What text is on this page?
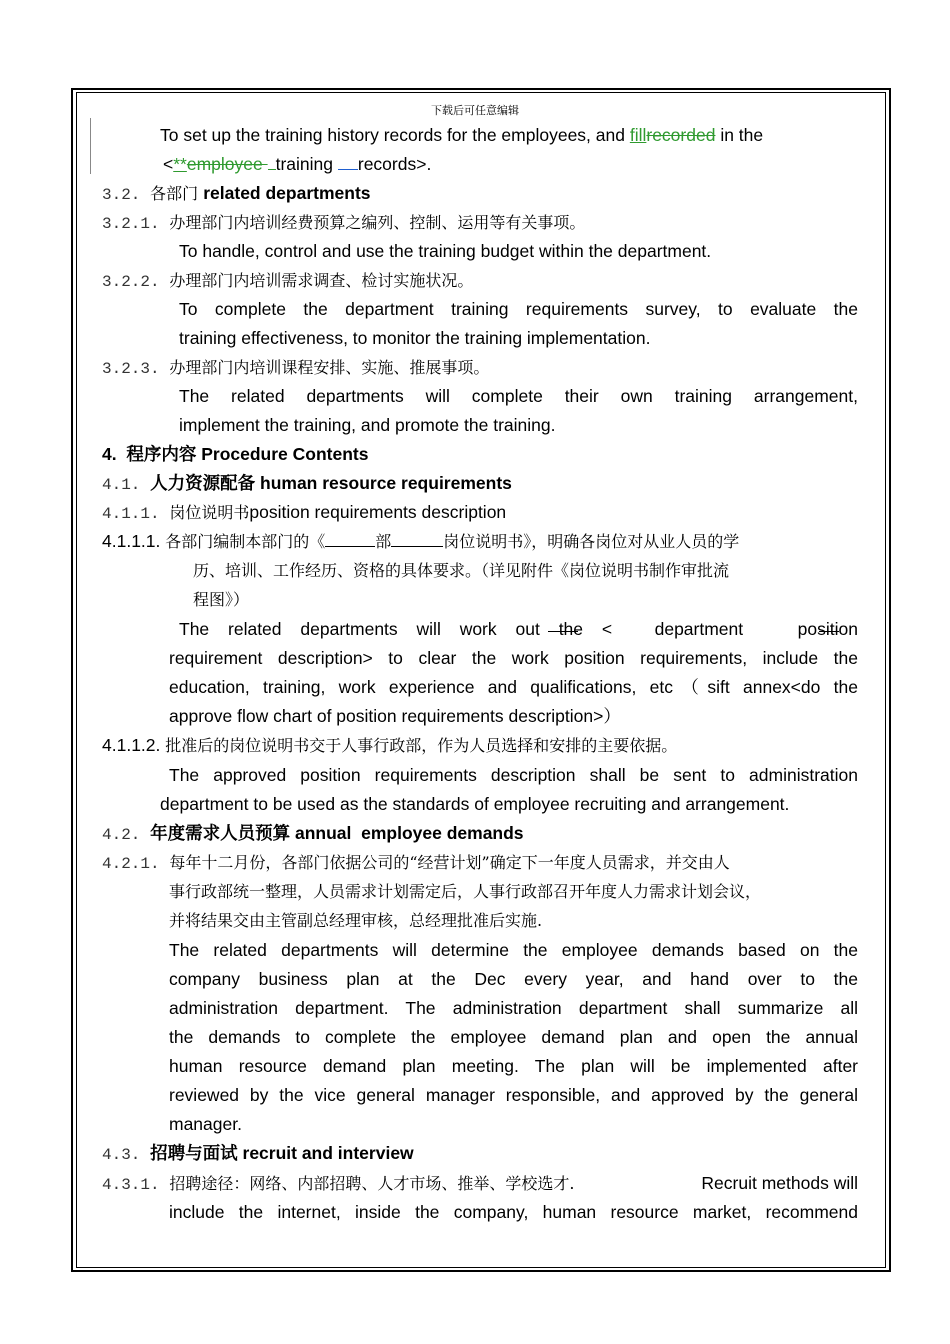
下载后可任意编辑
To set up the training history records for the employees, and fillrecorded in the
<**employee training records>.
3.2. 各部门 related departments
3.2.1. 办理部门内培训经费预算之编列、控制、运用等有关事项。
To handle, control and use the training budget within the department.
3.2.2. 办理部门内培训需求调查、检讨实施状况。
To complete the department training requirements survey, to evaluate the
training effectiveness, to monitor the training implementation.
3.2.3. 办理部门内培训课程安排、实施、推展事项。
The related departments will complete their own training arrangement,
implement the training, and promote the training.
4. 程序内容 Procedure Contents
4.1. 人力资源配备 human resource requirements
4.1.1. 岗位说明书position requirements description
4.1.1.1. 各部门编制本部门的《	部	岗位说明书》，明确各岗位对从业人员的学
历、培训、工作经历、资格的具体要求。（详见附件《岗位说明书制作审批流
程图》）
The related departments will work out the < department	position
requirement description> to clear the work position requirements, include the
education, training, work experience and qualifications, etc（sift annex<do the
approve flow chart of position requirements description>）
4.1.1.2. 批准后的岗位说明书交于人事行政部，作为人员选择和安排的主要依据。
The approved position requirements description shall be sent to administration
department to be used as the standards of employee recruiting and arrangement.
4.2. 年度需求人员预算 annual  employee demands
4.2.1. 每年十二月份，各部门依据公司的“经营计划”确定下一年度人员需求，并交由人
事行政部统一整理，人员需求计划需定后，人事行政部召开年度人力需求计划会议，
并将结果交由主管副总经理审核，总经理批准后实施.
The related departments will determine the employee demands based on the
company business plan at the Dec every year, and hand over to the
administration department. The administration department shall summarize all
the demands to complete the employee demand plan and open the annual
human resource demand plan meeting. The plan will be implemented after
reviewed by the vice general manager responsible, and approved by the general
manager.
4.3. 招聘与面试 recruit and interview
4.3.1. 招聘途径：网络、内部招聘、人才市场、推举、学校选才.	Recruit methods will
include the internet, inside the company, human resource market, recommend
